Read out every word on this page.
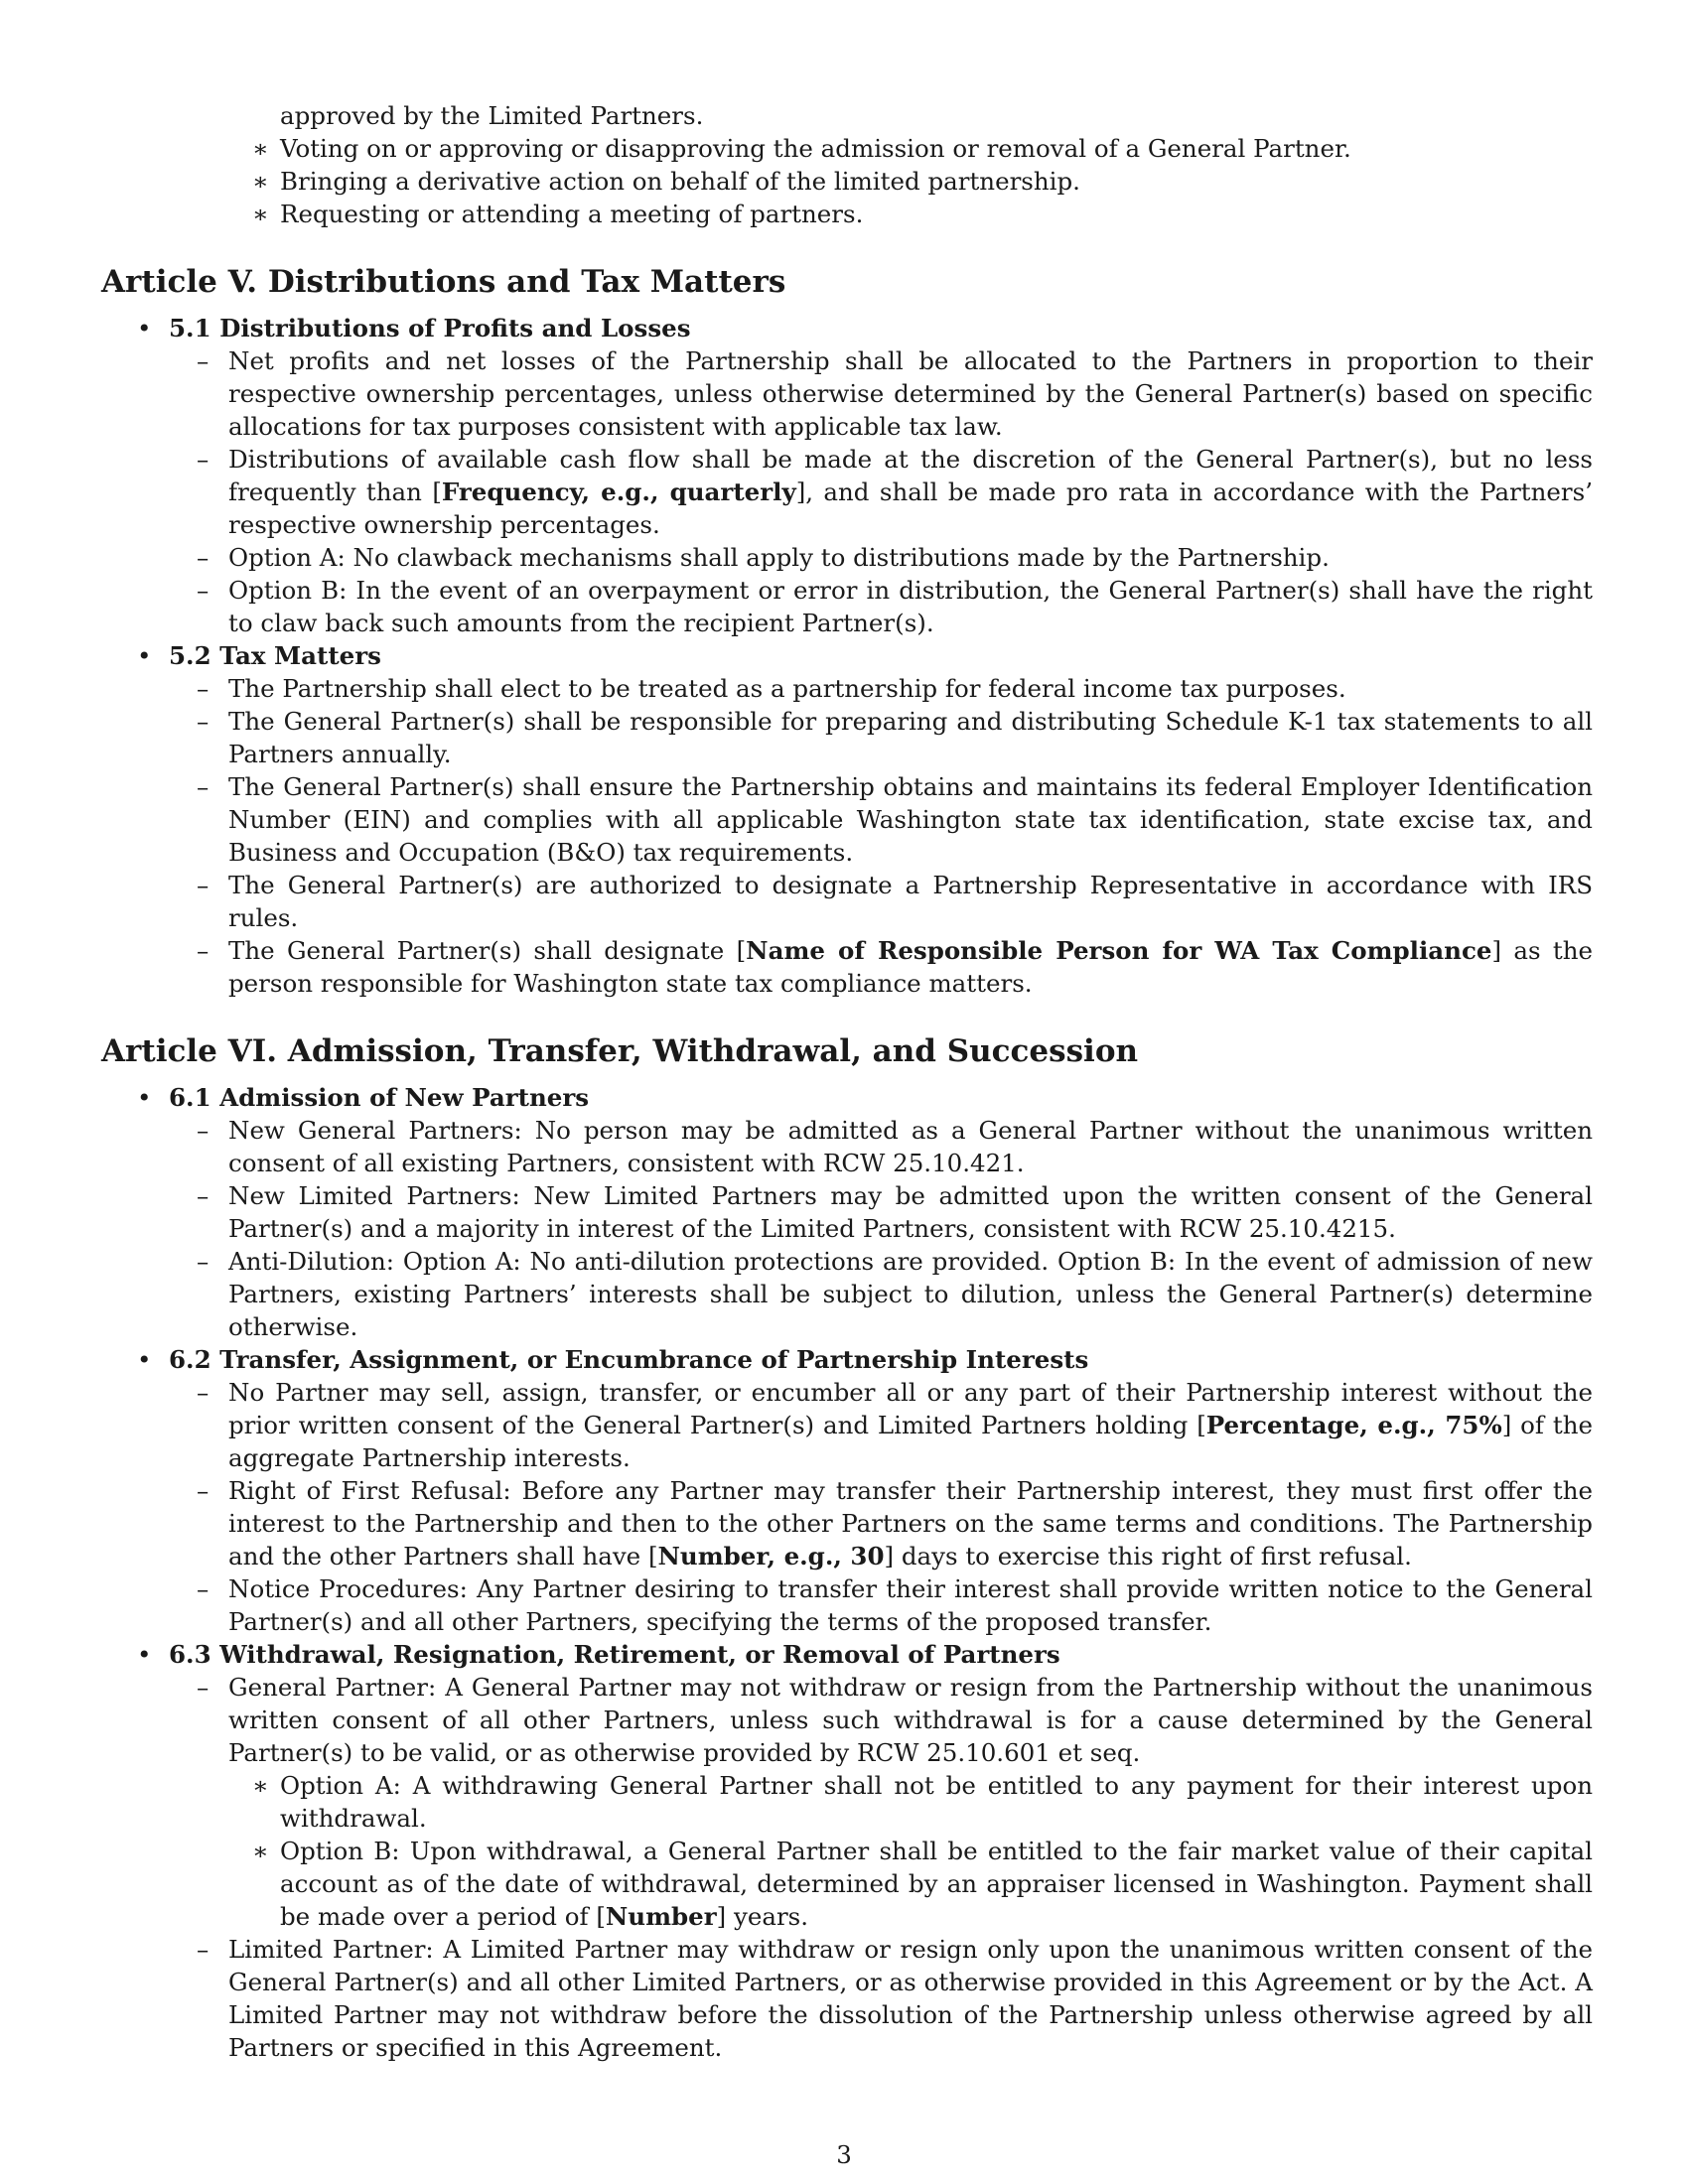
approved by the Limited Partners.
∗ Voting on or approving or disapproving the admission or removal of a General Partner.
∗ Bringing a derivative action on behalf of the limited partnership.
∗ Requesting or attending a meeting of partners.
Article V. Distributions and Tax Matters
• 5.1 Distributions of Profits and Losses
– Net profits and net losses of the Partnership shall be allocated to the Partners in proportion to their respective ownership percentages, unless otherwise determined by the General Partner(s) based on specific allocations for tax purposes consistent with applicable tax law.
– Distributions of available cash flow shall be made at the discretion of the General Partner(s), but no less frequently than [Frequency, e.g., quarterly], and shall be made pro rata in accordance with the Partners’ respective ownership percentages.
– Option A: No clawback mechanisms shall apply to distributions made by the Partnership.
– Option B: In the event of an overpayment or error in distribution, the General Partner(s) shall have the right to claw back such amounts from the recipient Partner(s).
• 5.2 Tax Matters
– The Partnership shall elect to be treated as a partnership for federal income tax purposes.
– The General Partner(s) shall be responsible for preparing and distributing Schedule K-1 tax statements to all Partners annually.
– The General Partner(s) shall ensure the Partnership obtains and maintains its federal Employer Identification Number (EIN) and complies with all applicable Washington state tax identification, state excise tax, and Business and Occupation (B&O) tax requirements.
– The General Partner(s) are authorized to designate a Partnership Representative in accordance with IRS rules.
– The General Partner(s) shall designate [Name of Responsible Person for WA Tax Compliance] as the person responsible for Washington state tax compliance matters.
Article VI. Admission, Transfer, Withdrawal, and Succession
• 6.1 Admission of New Partners
– New General Partners: No person may be admitted as a General Partner without the unanimous written consent of all existing Partners, consistent with RCW 25.10.421.
– New Limited Partners: New Limited Partners may be admitted upon the written consent of the General Partner(s) and a majority in interest of the Limited Partners, consistent with RCW 25.10.4215.
– Anti-Dilution: Option A: No anti-dilution protections are provided. Option B: In the event of admission of new Partners, existing Partners’ interests shall be subject to dilution, unless the General Partner(s) determine otherwise.
• 6.2 Transfer, Assignment, or Encumbrance of Partnership Interests
– No Partner may sell, assign, transfer, or encumber all or any part of their Partnership interest without the prior written consent of the General Partner(s) and Limited Partners holding [Percentage, e.g., 75%] of the aggregate Partnership interests.
– Right of First Refusal: Before any Partner may transfer their Partnership interest, they must first offer the interest to the Partnership and then to the other Partners on the same terms and conditions. The Partnership and the other Partners shall have [Number, e.g., 30] days to exercise this right of first refusal.
– Notice Procedures: Any Partner desiring to transfer their interest shall provide written notice to the General Partner(s) and all other Partners, specifying the terms of the proposed transfer.
• 6.3 Withdrawal, Resignation, Retirement, or Removal of Partners
– General Partner: A General Partner may not withdraw or resign from the Partnership without the unanimous written consent of all other Partners, unless such withdrawal is for a cause determined by the General Partner(s) to be valid, or as otherwise provided by RCW 25.10.601 et seq.
∗ Option A: A withdrawing General Partner shall not be entitled to any payment for their interest upon withdrawal.
∗ Option B: Upon withdrawal, a General Partner shall be entitled to the fair market value of their capital account as of the date of withdrawal, determined by an appraiser licensed in Washington. Payment shall be made over a period of [Number] years.
– Limited Partner: A Limited Partner may withdraw or resign only upon the unanimous written consent of the General Partner(s) and all other Limited Partners, or as otherwise provided in this Agreement or by the Act. A Limited Partner may not withdraw before the dissolution of the Partnership unless otherwise agreed by all Partners or specified in this Agreement.
3
